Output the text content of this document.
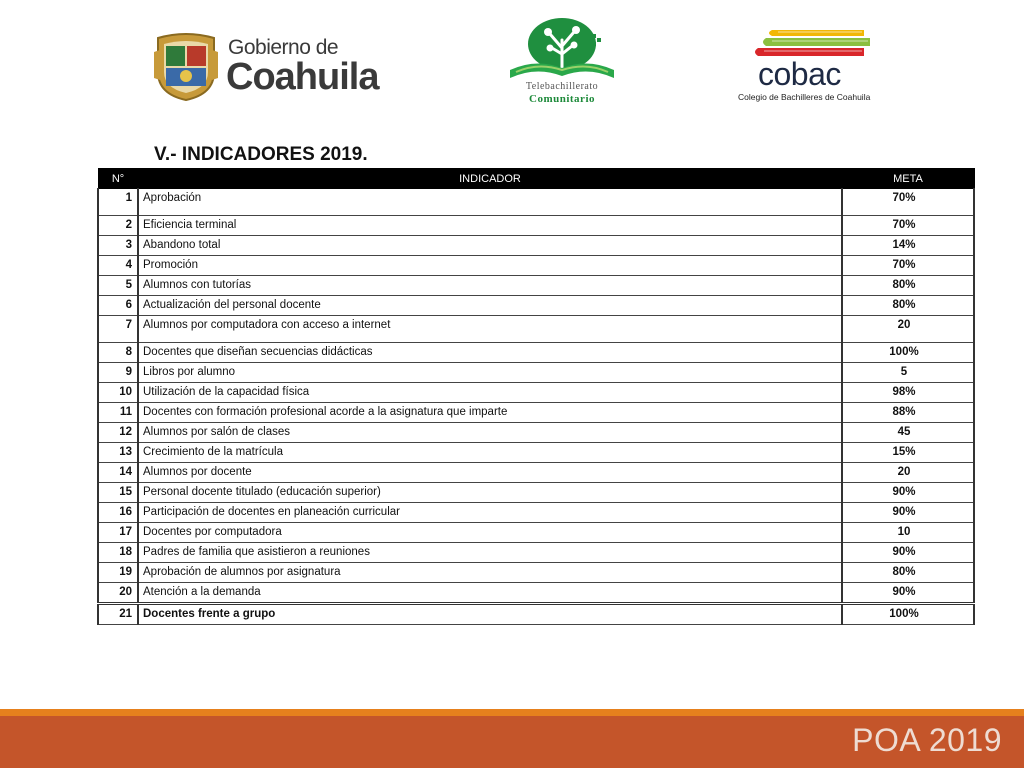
Gobierno de
Coahuila	Telebachillerato
Comunitario
cobac
Colegio de Bachilleres de Coahuila
V.- INDICADORES 2019.
N°	INDICADOR	META
1	Aprobación	70%
2	Eficiencia terminal	70%
3	Abandono total	14%
4	Promoción	70%
5	Alumnos con tutorías	80%
6	Actualización del personal docente	80%
7	Alumnos por computadora con acceso a internet	20
8	Docentes que diseñan secuencias didácticas	100%
9	Libros por alumno	5
10	Utilización de la capacidad física	98%
11	Docentes con formación profesional acorde a la asignatura que imparte	88%
12	Alumnos por salón de clases	45
13	Crecimiento de la matrícula	15%
14	Alumnos por docente	20
15	Personal docente titulado (educación superior)	90%
16	Participación de docentes en planeación curricular	90%
17	Docentes por computadora	10
18	Padres de familia que asistieron a reuniones	90%
19	Aprobación de alumnos por asignatura	80%
20	Atención a la demanda	90%
21	Docentes frente a grupo	100%
POA 2019
